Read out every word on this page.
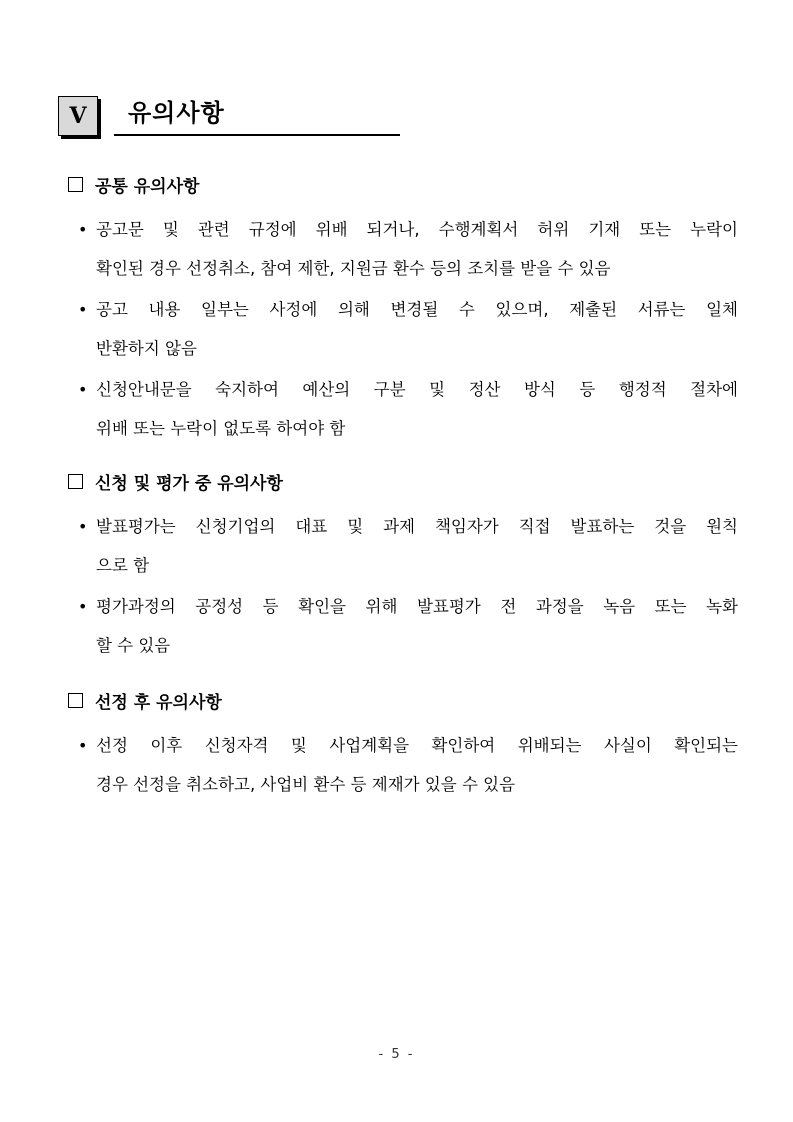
Ⅴ	유의사항
공통 유의사항
• 공고문 및 관련 규정에 위배 되거나, 수행계획서 허위 기재 또는 누락이
확인된 경우 선정취소, 참여 제한, 지원금 환수 등의 조치를 받을 수 있음
• 공고 내용 일부는 사정에 의해 변경될 수 있으며, 제출된 서류는 일체
반환하지 않음
• 신청안내문을 숙지하여 예산의 구분 및 정산 방식 등 행정적 절차에
위배 또는 누락이 없도록 하여야 함
신청 및 평가 중 유의사항
• 발표평가는 신청기업의 대표 및 과제 책임자가 직접 발표하는 것을 원칙
으로 함
• 평가과정의 공정성 등 확인을 위해 발표평가 전 과정을 녹음 또는 녹화
할 수 있음
선정 후 유의사항
• 선정 이후 신청자격 및 사업계획을 확인하여 위배되는 사실이 확인되는
경우 선정을 취소하고, 사업비 환수 등 제재가 있을 수 있음
- 5 -
